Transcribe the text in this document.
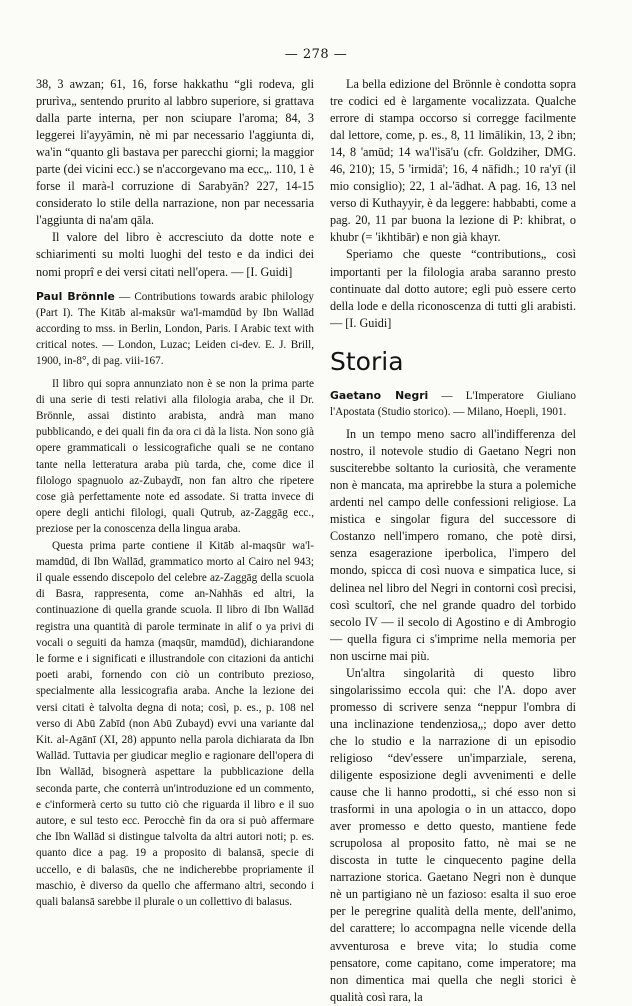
— 278 —

38, 3 awzan; 61, 16, forse hakkathu “gli rodeva, gli prurìva„ sentendo prurito al labbro superiore, si grattava dalla parte interna, per non sciupare l'aroma; 84, 3 leggerei li'ayyāmin, nè mi par necessario l'aggiunta di, wa'in “quanto gli bastava per parecchi giorni; la maggior parte (dei vicini ecc.) se n'accorgevano ma ecc„. 110, 1 è forse il marà-l corruzione di Sarabyān? 227, 14-15 considerato lo stile della narrazione, non par necessaria l'aggiunta di na'am qāla.

Il valore del libro è accresciuto da dotte note e schiarimenti su molti luoghi del testo e da indici dei nomi proprî e dei versi citati nell'opera. — [I. Guidi]

Paul Brönnle — Contributions towards arabic philology (Part I). The Kitāb al-maksūr wa'l-mamdūd by Ibn Wallād according to mss. in Berlin, London, Paris. I Arabic text with critical notes. — London, Luzac; Leiden ci-dev. E. J. Brill, 1900, in-8°, di pag. viii-167.

Il libro qui sopra annunziato non è se non la prima parte di una serie di testi relativi alla filologia araba, che il Dr. Brönnle, assai distinto arabista, andrà man mano pubblicando, e dei quali fin da ora ci dà la lista. Non sono già opere grammaticali o lessicografiche quali se ne contano tante nella letteratura araba più tarda, che, come dice il filologo spagnuolo az-Zubaydī, non fan altro che ripetere cose già perfettamente note ed assodate. Si tratta invece di opere degli antichi filologi, quali Qutrub, az-Zaggāg ecc., preziose per la conoscenza della lingua araba.

Questa prima parte contiene il Kitāb al-maqsūr wa'l-mamdūd, di Ibn Wallād, grammatico morto al Cairo nel 943; il quale essendo discepolo del celebre az-Zaggāg della scuola di Basra, rappresenta, come an-Nahhās ed altri, la continuazione di quella grande scuola. Il libro di Ibn Wallād registra una quantità di parole terminate in alif o ya privi di vocali o seguiti da hamza (maqsūr, mamdūd), dichiarandone le forme e i significati e illustrandole con citazioni da antichi poeti arabi, fornendo con ciò un contributo prezioso, specialmente alla lessicografia araba. Anche la lezione dei versi citati è talvolta degna di nota; così, p. es., p. 108 nel verso di Abū Zabīd (non Abū Zubayd) evvi una variante dal Kit. al-Agānī (XI, 28) appunto nella parola dichiarata da Ibn Wallād. Tuttavia per giudicar meglio e ragionare dell'opera di Ibn Wallād, bisognerà aspettare la pubblicazione della seconda parte, che conterrà un'introduzione ed un commento, e c'informerà certo su tutto ciò che riguarda il libro e il suo autore, e sul testo ecc. Perocchè fin da ora si può affermare che Ibn Wallād si distingue talvolta da altri autori noti; p. es. quanto dice a pag. 19 a proposito di balansā, specie di uccello, e di balasūs, che ne indicherebbe propriamente il maschio, è diverso da quello che affermano altri, secondo i quali balansā sarebbe il plurale o un collettivo di balasus.

La bella edizione del Brönnle è condotta sopra tre codici ed è largamente vocalizzata. Qualche errore di stampa occorso si corregge facilmente dal lettore, come, p. es., 8, 11 limālikin, 13, 2 ibn; 14, 8 'amūd; 14 wa'l'isā'u (cfr. Goldziher, DMG. 46, 210); 15, 5 'irmidā'; 16, 4 nāfidh.; 10 ra'yī (il mio consiglio); 22, 1 al-'ādhat. A pag. 16, 13 nel verso di Kuthayyir, è da leggere: habbabti, come a pag. 20, 11 par buona la lezione di P: khibrat, o khubr (= 'ikhtibār) e non già khayr.

Speriamo che queste “contributions„ così importanti per la filologia araba saranno presto continuate dal dotto autore; egli può essere certo della lode e della riconoscenza di tutti gli arabisti. — [I. Guidi]

Storia

Gaetano Negri — L'Imperatore Giuliano l'Apostata (Studio storico). — Milano, Hoepli, 1901.

In un tempo meno sacro all'indifferenza del nostro, il notevole studio di Gaetano Negri non susciterebbe soltanto la curiosità, che veramente non è mancata, ma aprirebbe la stura a polemiche ardenti nel campo delle confessioni religiose. La mistica e singolar figura del successore di Costanzo nell'impero romano, che potè dirsi, senza esagerazione iperbolica, l'impero del mondo, spicca di così nuova e simpatica luce, si delinea nel libro del Negri in contorni così precisi, così scultorî, che nel grande quadro del torbido secolo IV — il secolo di Agostino e di Ambrogio — quella figura ci s'imprime nella memoria per non uscirne mai più.

Un'altra singolarità di questo libro singolarissimo eccola qui: che l'A. dopo aver promesso di scrivere senza “neppur l'ombra di una inclinazione tendenziosa„; dopo aver detto che lo studio e la narrazione di un episodio religioso “dev'essere un'imparziale, serena, diligente esposizione degli avvenimenti e delle cause che li hanno prodotti„ si ché esso non si trasformi in una apologia o in un attacco, dopo aver promesso e detto questo, mantiene fede scrupolosa al proposito fatto, nè mai se ne discosta in tutte le cinquecento pagine della narrazione storica. Gaetano Negri non è dunque nè un partigiano nè un fazioso: esalta il suo eroe per le peregrine qualità della mente, dell'animo, del carattere; lo accompagna nelle vicende della avventurosa e breve vita; lo studia come pensatore, come capitano, come imperatore; ma non dimentica mai quella che negli storici è qualità così rara, la
